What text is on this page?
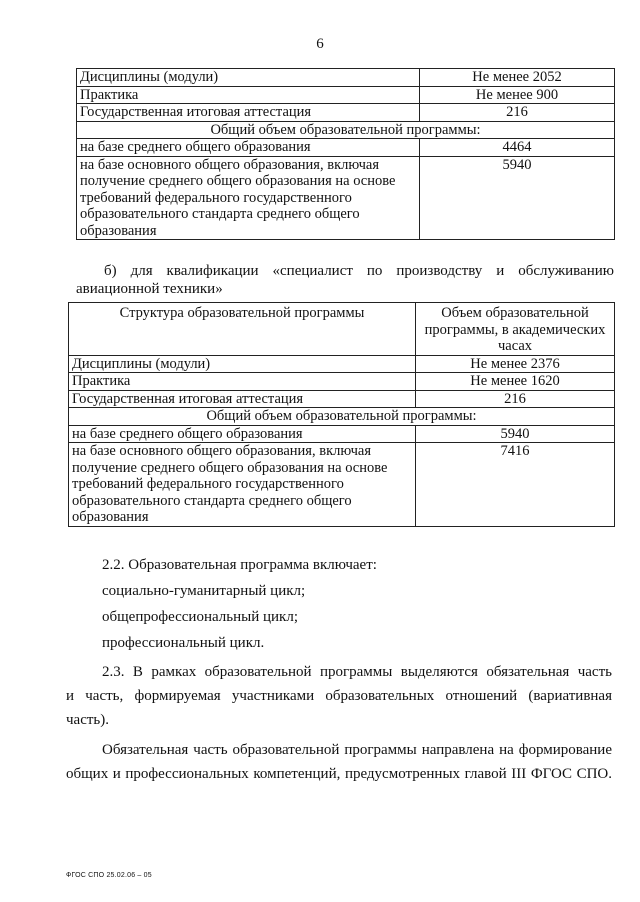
6
Дисциплины (модули)	Не менее 2052
Практика	Не менее 900
Государственная итоговая аттестация	216
Общий объем образовательной программы:	
на базе среднего общего образования	4464
на базе основного общего образования, включая получение среднего общего образования на основе требований федерального государственного образовательного стандарта среднего общего образования	5940
б) для квалификации «специалист по производству и обслуживанию
авиационной техники»
Структура образовательной программы	Объем образовательной программы, в академических часах
Дисциплины (модули)	Не менее 2376
Практика	Не менее 1620
Государственная итоговая аттестация	216
Общий объем образовательной программы:	
на базе среднего общего образования	5940
на базе основного общего образования, включая получение среднего общего образования на основе требований федерального государственного образовательного стандарта среднего общего образования	7416
2.2. Образовательная программа включает:
социально-гуманитарный цикл;
общепрофессиональный цикл;
профессиональный цикл.
2.3. В рамках образовательной программы выделяются обязательная часть
и часть, формируемая участниками образовательных отношений (вариативная
часть).
Обязательная часть образовательной программы направлена на формирование
общих и профессиональных компетенций, предусмотренных главой III ФГОС СПО.
ФГОС СПО 25.02.06 – 05
